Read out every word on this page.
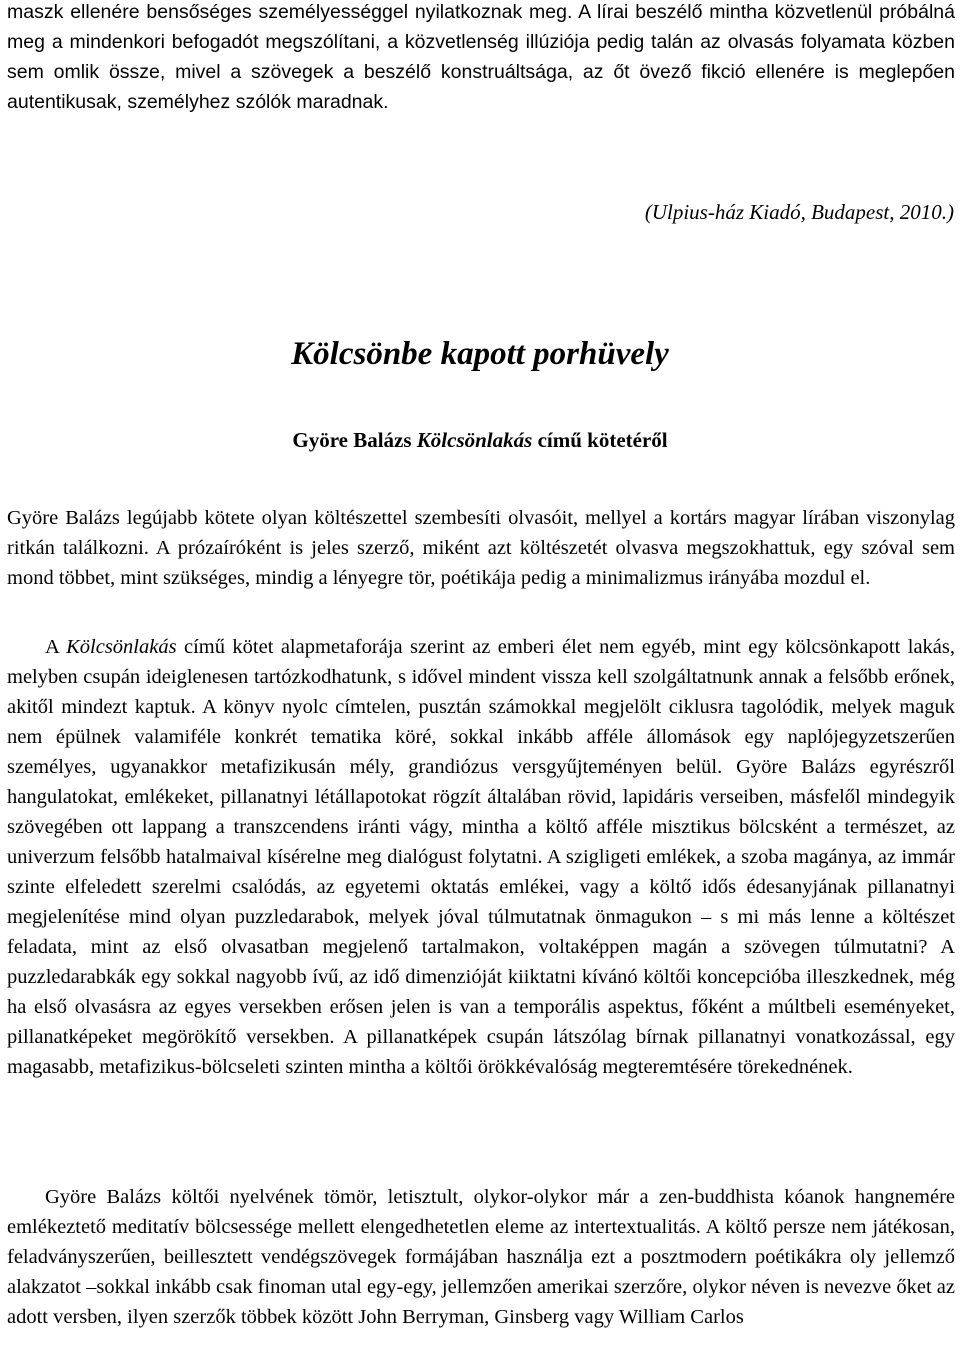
maszk ellenére bensőséges személyességgel nyilatkoznak meg. A lírai beszélő mintha közvetlenül próbálná meg a mindenkori befogadót megszólítani, a közvetlenség illúziója pedig talán az olvasás folyamata közben sem omlik össze, mivel a szövegek a beszélő konstruáltsága, az őt övező fikció ellenére is meglepően autentikusak, személyhez szólók maradnak.

(Ulpius-ház Kiadó, Budapest, 2010.)

Kölcsönbe kapott porhüvely
Györe Balázs Kölcsönlakás című kötetéről

Györe Balázs legújabb kötete olyan költészettel szembesíti olvasóit, mellyel a kortárs magyar lírában viszonylag ritkán találkozni. A prózaíróként is jeles szerző, miként azt költészetét olvasva megszokhattuk, egy szóval sem mond többet, mint szükséges, mindig a lényegre tör, poétikája pedig a minimalizmus irányába mozdul el.

A Kölcsönlakás című kötet alapmetaforája szerint az emberi élet nem egyéb, mint egy kölcsönkapott lakás, melyben csupán ideiglenesen tartózkodhatunk, s idővel mindent vissza kell szolgáltatnunk annak a felsőbb erőnek, akitől mindezt kaptuk. A könyv nyolc címtelen, pusztán számokkal megjelölt ciklusra tagolódik, melyek maguk nem épülnek valamiféle konkrét tematika köré, sokkal inkább afféle állomások egy naplójegyzetszerűen személyes, ugyanakkor metafizikusán mély, grandiózus versgyűjteményen belül. Györe Balázs egyrészről hangulatokat, emlékeket, pillanatnyi létállapotokat rögzít általában rövid, lapidáris verseiben, másfelől mindegyik szövegében ott lappang a transzcendens iránti vágy, mintha a költő afféle misztikus bölcsként a természet, az univerzum felsőbb hatalmaival kísérelne meg dialógust folytatni. A szigligeti emlékek, a szoba magánya, az immár szinte elfeledett szerelmi csalódás, az egyetemi oktatás emlékei, vagy a költő idős édesanyjának pillanatnyi megjelenítése mind olyan puzzledarabok, melyek jóval túlmutatnak önmagukon – s mi más lenne a költészet feladata, mint az első olvasatban megjelenő tartalmakon, voltaképpen magán a szövegen túlmutatni? A puzzledarabkák egy sokkal nagyobb ívű, az idő dimenzióját kiiktatni kívánó költői koncepcióba illeszkednek, még ha első olvasásra az egyes versekben erősen jelen is van a temporális aspektus, főként a múltbeli eseményeket, pillanatképeket megörökítő versekben. A pillanatképek csupán látszólag bírnak pillanatnyi vonatkozással, egy magasabb, metafizikus-bölcseleti szinten mintha a költői örökkévalóság megteremtésére törekednének.

Györe Balázs költői nyelvének tömör, letisztult, olykor-olykor már a zen-buddhista kóanok hangnemére emlékeztető meditatív bölcsessége mellett elengedhetetlen eleme az intertextualitás. A költő persze nem játékosan, feladványszerűen, beillesztett vendégszövegek formájában használja ezt a posztmodern poétikákra oly jellemző alakzatot –sokkal inkább csak finoman utal egy-egy, jellemzően amerikai szerzőre, olykor néven is nevezve őket az adott versben, ilyen szerzők többek között John Berryman, Ginsberg vagy William Carlos
